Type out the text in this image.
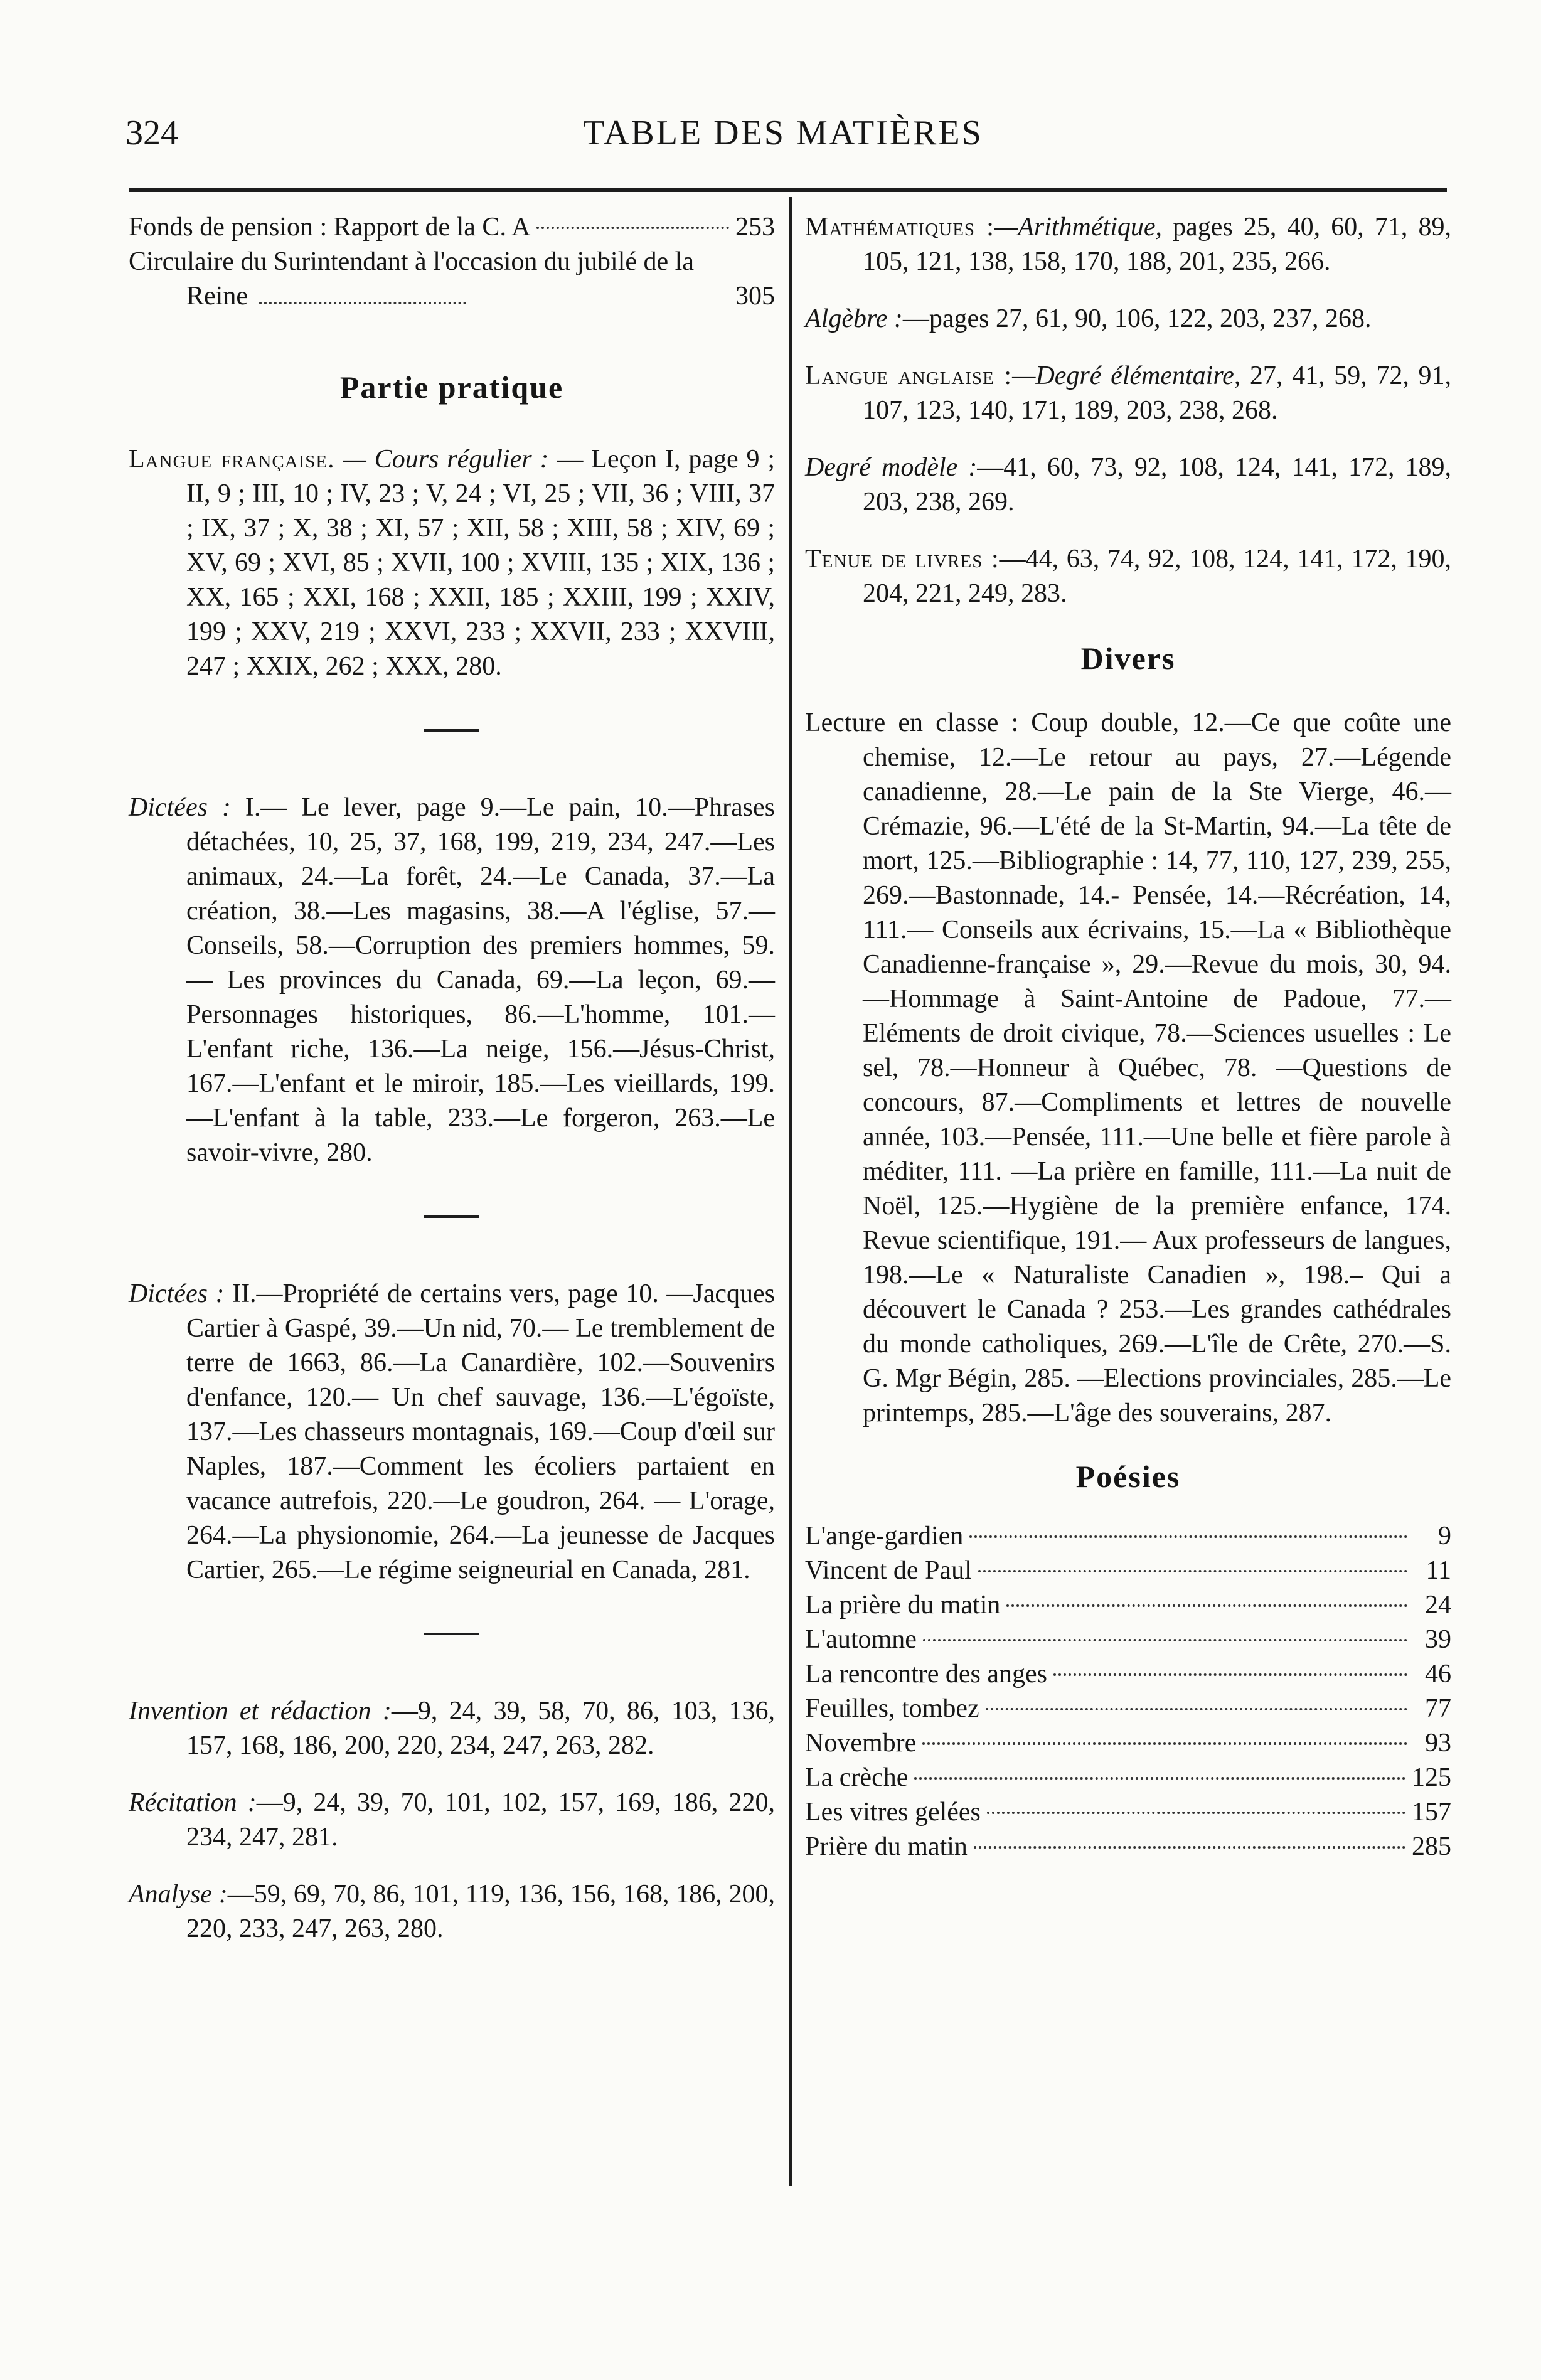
324	TABLE DES MATIÈRES
Fonds de pension : Rapport de la C. A	253
Circulaire du Surintendant à l'occasion du jubilé de la Reine	305
Partie pratique

Langue française. — Cours régulier : — Leçon I, page 9 ; II, 9 ; III, 10 ; IV, 23 ; V, 24 ; VI, 25 ; VII, 36 ; VIII, 37 ; IX, 37 ; X, 38 ; XI, 57 ; XII, 58 ; XIII, 58 ; XIV, 69 ; XV, 69 ; XVI, 85 ; XVII, 100 ; XVIII, 135 ; XIX, 136 ; XX, 165 ; XXI, 168 ; XXII, 185 ; XXIII, 199 ; XXIV, 199 ; XXV, 219 ; XXVI, 233 ; XXVII, 233 ; XXVIII, 247 ; XXIX, 262 ; XXX, 280.

Dictées : I.— Le lever, page 9.—Le pain, 10.—Phrases détachées, 10, 25, 37, 168, 199, 219, 234, 247.—Les animaux, 24.—La forêt, 24.—Le Canada, 37.—La création, 38.—Les magasins, 38.—A l'église, 57.—Conseils, 58.—Corruption des premiers hommes, 59. — Les provinces du Canada, 69.—La leçon, 69.—Personnages historiques, 86.—L'homme, 101.—L'enfant riche, 136.—La neige, 156.—Jésus-Christ, 167.—L'enfant et le miroir, 185.—Les vieillards, 199.—L'enfant à la table, 233.—Le forgeron, 263.—Le savoir-vivre, 280.

Dictées : II.—Propriété de certains vers, page 10. —Jacques Cartier à Gaspé, 39.—Un nid, 70.— Le tremblement de terre de 1663, 86.—La Canardière, 102.—Souvenirs d'enfance, 120.— Un chef sauvage, 136.—L'égoïste, 137.—Les chasseurs montagnais, 169.—Coup d'œil sur Naples, 187.—Comment les écoliers partaient en vacance autrefois, 220.—Le goudron, 264. — L'orage, 264.—La physionomie, 264.—La jeunesse de Jacques Cartier, 265.—Le régime seigneurial en Canada, 281.

Invention et rédaction :—9, 24, 39, 58, 70, 86, 103, 136, 157, 168, 186, 200, 220, 234, 247, 263, 282.

Récitation :—9, 24, 39, 70, 101, 102, 157, 169, 186, 220, 234, 247, 281.

Analyse :—59, 69, 70, 86, 101, 119, 136, 156, 168, 186, 200, 220, 233, 247, 263, 280.

Mathématiques :—Arithmétique, pages 25, 40, 60, 71, 89, 105, 121, 138, 158, 170, 188, 201, 235, 266.

Algèbre :—pages 27, 61, 90, 106, 122, 203, 237, 268.

Langue anglaise :—Degré élémentaire, 27, 41, 59, 72, 91, 107, 123, 140, 171, 189, 203, 238, 268.

Degré modèle :—41, 60, 73, 92, 108, 124, 141, 172, 189, 203, 238, 269.

Tenue de livres :—44, 63, 74, 92, 108, 124, 141, 172, 190, 204, 221, 249, 283.

Divers

Lecture en classe : Coup double, 12.—Ce que coûte une chemise, 12.—Le retour au pays, 27.—Légende canadienne, 28.—Le pain de la Ste Vierge, 46.—Crémazie, 96.—L'été de la St-Martin, 94.—La tête de mort, 125.—Bibliographie : 14, 77, 110, 127, 239, 255, 269.—Bastonnade, 14.- Pensée, 14.—Récréation, 14, 111.— Conseils aux écrivains, 15.—La « Bibliothèque Canadienne-française », 29.—Revue du mois, 30, 94.—Hommage à Saint-Antoine de Padoue, 77.—Eléments de droit civique, 78.—Sciences usuelles : Le sel, 78.—Honneur à Québec, 78. —Questions de concours, 87.—Compliments et lettres de nouvelle année, 103.—Pensée, 111.—Une belle et fière parole à méditer, 111. —La prière en famille, 111.—La nuit de Noël, 125.—Hygiène de la première enfance, 174. Revue scientifique, 191.— Aux professeurs de langues, 198.—Le « Naturaliste Canadien », 198.– Qui a découvert le Canada ? 253.—Les grandes cathédrales du monde catholiques, 269.—L'île de Crête, 270.—S. G. Mgr Bégin, 285. —Elections provinciales, 285.—Le printemps, 285.—L'âge des souverains, 287.

Poésies
L'ange-gardien	9
Vincent de Paul	11
La prière du matin	24
L'automne	39
La rencontre des anges	46
Feuilles, tombez	77
Novembre	93
La crèche	125
Les vitres gelées	157
Prière du matin	285
